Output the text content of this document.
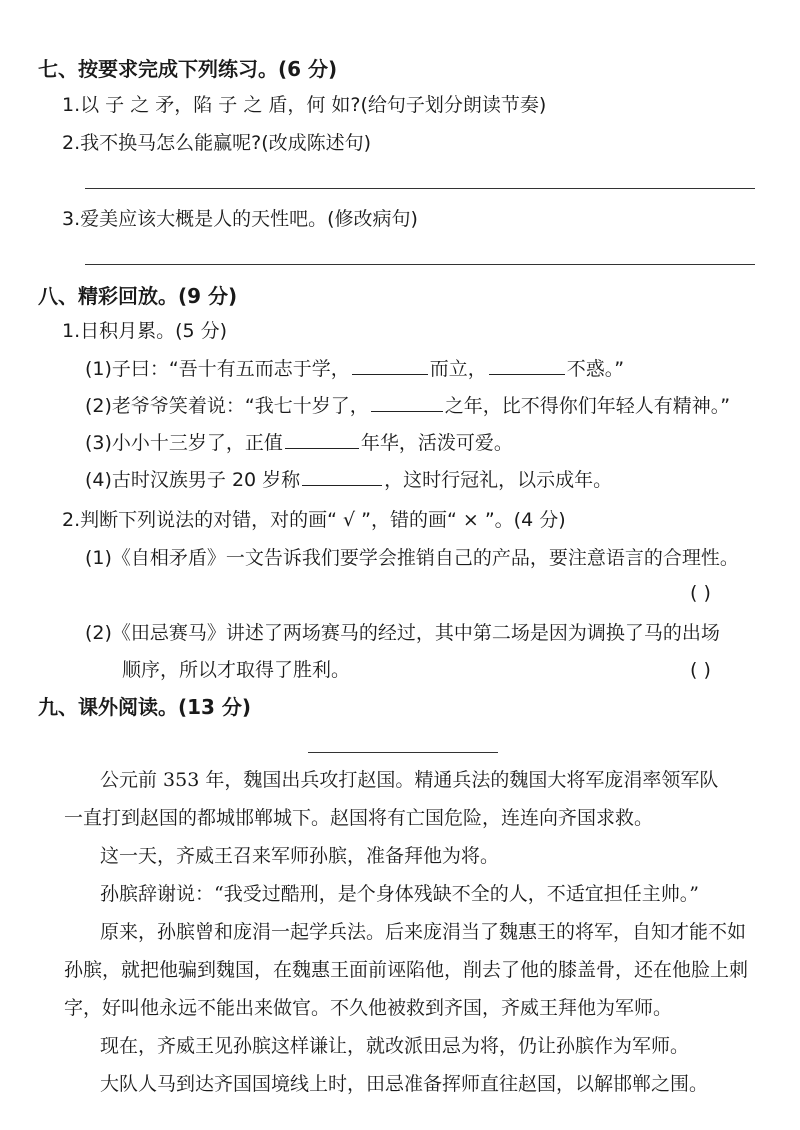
七、按要求完成下列练习。(6 分)
1.以 子 之 矛，陷 子 之 盾，何 如?(给句子划分朗读节奏)
2.我不换马怎么能赢呢?(改成陈述句)
3.爱美应该大概是人的天性吧。(修改病句)
八、精彩回放。(9 分)
1.日积月累。(5 分)
(1)子曰：“吾十有五而志于学，	而立，	不惑。”
(2)老爷爷笑着说：“我七十岁了，	之年，比不得你们年轻人有精神。”
(3)小小十三岁了，正值	年华，活泼可爱。
(4)古时汉族男子 20 岁称	，这时行冠礼，以示成年。
2.判断下列说法的对错，对的画“ √ ”，错的画“ × ”。(4 分)
(1)《自相矛盾》一文告诉我们要学会推销自己的产品，要注意语言的合理性。
( )
(2)《田忌赛马》讲述了两场赛马的经过，其中第二场是因为调换了马的出场
顺序，所以才取得了胜利。	( )
九、课外阅读。(13 分)
公元前 353 年，魏国出兵攻打赵国。精通兵法的魏国大将军庞涓率领军队
一直打到赵国的都城邯郸城下。赵国将有亡国危险，连连向齐国求救。
这一天，齐威王召来军师孙膑，准备拜他为将。
孙膑辞谢说：“我受过酷刑，是个身体残缺不全的人，不适宜担任主帅。”
原来，孙膑曾和庞涓一起学兵法。后来庞涓当了魏惠王的将军，自知才能不如
孙膑，就把他骗到魏国，在魏惠王面前诬陷他，削去了他的膝盖骨，还在他脸上刺
字，好叫他永远不能出来做官。不久他被救到齐国，齐威王拜他为军师。
现在，齐威王见孙膑这样谦让，就改派田忌为将，仍让孙膑作为军师。
大队人马到达齐国国境线上时，田忌准备挥师直往赵国，以解邯郸之围。
